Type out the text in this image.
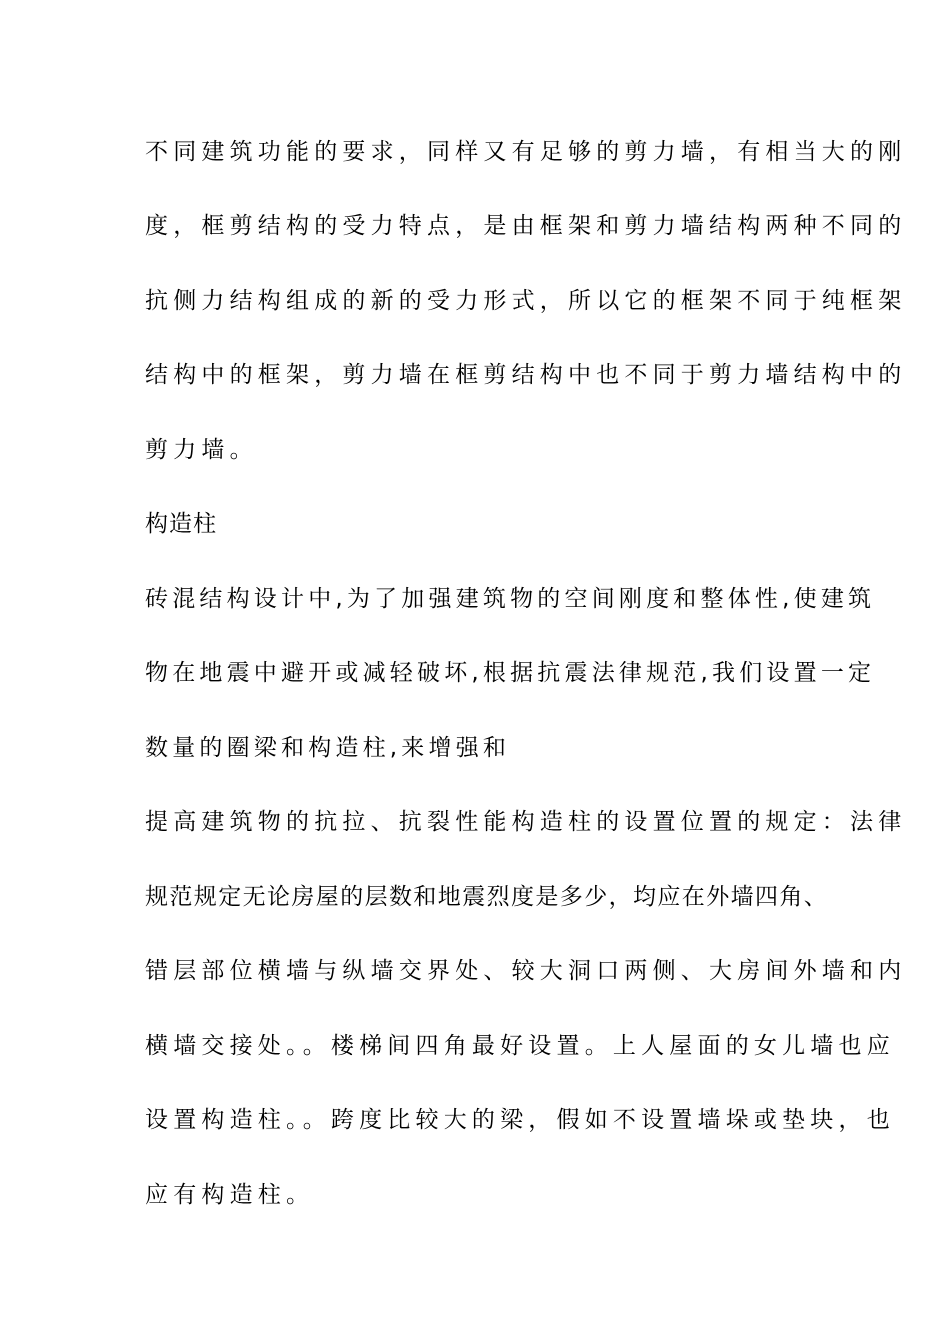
不同建筑功能的要求，同样又有足够的剪力墙，有相当大的刚
度，框剪结构的受力特点，是由框架和剪力墙结构两种不同的
抗侧力结构组成的新的受力形式，所以它的框架不同于纯框架
结构中的框架，剪力墙在框剪结构中也不同于剪力墙结构中的
剪力墙。
构造柱
砖混结构设计中,为了加强建筑物的空间刚度和整体性,使建筑
物在地震中避开或减轻破坏,根据抗震法律规范,我们设置一定
数量的圈梁和构造柱,来增强和
提高建筑物的抗拉、抗裂性能构造柱的设置位置的规定：法律
规范规定无论房屋的层数和地震烈度是多少，均应在外墙四角、
错层部位横墙与纵墙交界处、较大洞口两侧、大房间外墙和内
横墙交接处。。楼梯间四角最好设置。上人屋面的女儿墙也应
设置构造柱。。跨度比较大的梁，假如不设置墙垛或垫块，也
应有构造柱。
